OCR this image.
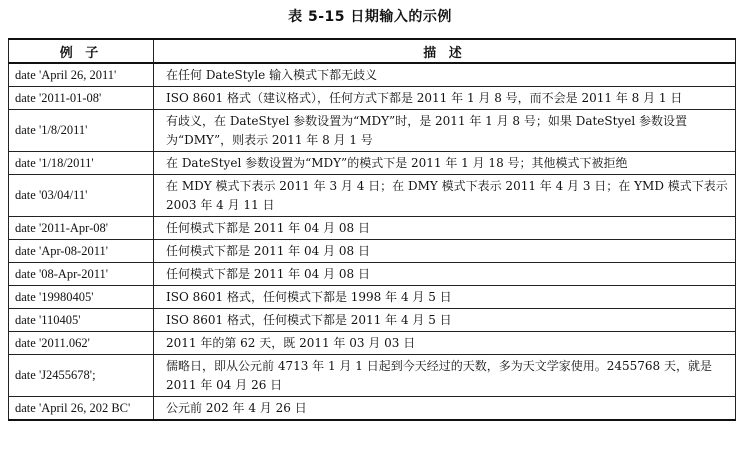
表 5-15 日期输入的示例
例 子	描 述
date 'April 26, 2011'	在任何 DateStyle 输入模式下都无歧义
date '2011-01-08'	ISO 8601 格式（建议格式），任何方式下都是 2011 年 1 月 8 号，而不会是 2011 年 8 月 1 日
date '1/8/2011'	有歧义，在 DateStyel 参数设置为“MDY”时，是 2011 年 1 月 8 号；如果 DateStyel 参数设置为“DMY”，则表示 2011 年 8 月 1 号
date '1/18/2011'	在 DateStyel 参数设置为“MDY”的模式下是 2011 年 1 月 18 号；其他模式下被拒绝
date '03/04/11'	在 MDY 模式下表示 2011 年 3 月 4 日；在 DMY 模式下表示 2011 年 4 月 3 日；在 YMD 模式下表示 2003 年 4 月 11 日
date '2011-Apr-08'	任何模式下都是 2011 年 04 月 08 日
date 'Apr-08-2011'	任何模式下都是 2011 年 04 月 08 日
date '08-Apr-2011'	任何模式下都是 2011 年 04 月 08 日
date '19980405'	ISO 8601 格式，任何模式下都是 1998 年 4 月 5 日
date '110405'	ISO 8601 格式，任何模式下都是 2011 年 4 月 5 日
date '2011.062'	2011 年的第 62 天，既 2011 年 03 月 03 日
date 'J2455678';	儒略日，即从公元前 4713 年 1 月 1 日起到今天经过的天数，多为天文学家使用。2455768 天，就是 2011 年 04 月 26 日
date 'April 26, 202 BC'	公元前 202 年 4 月 26 日
